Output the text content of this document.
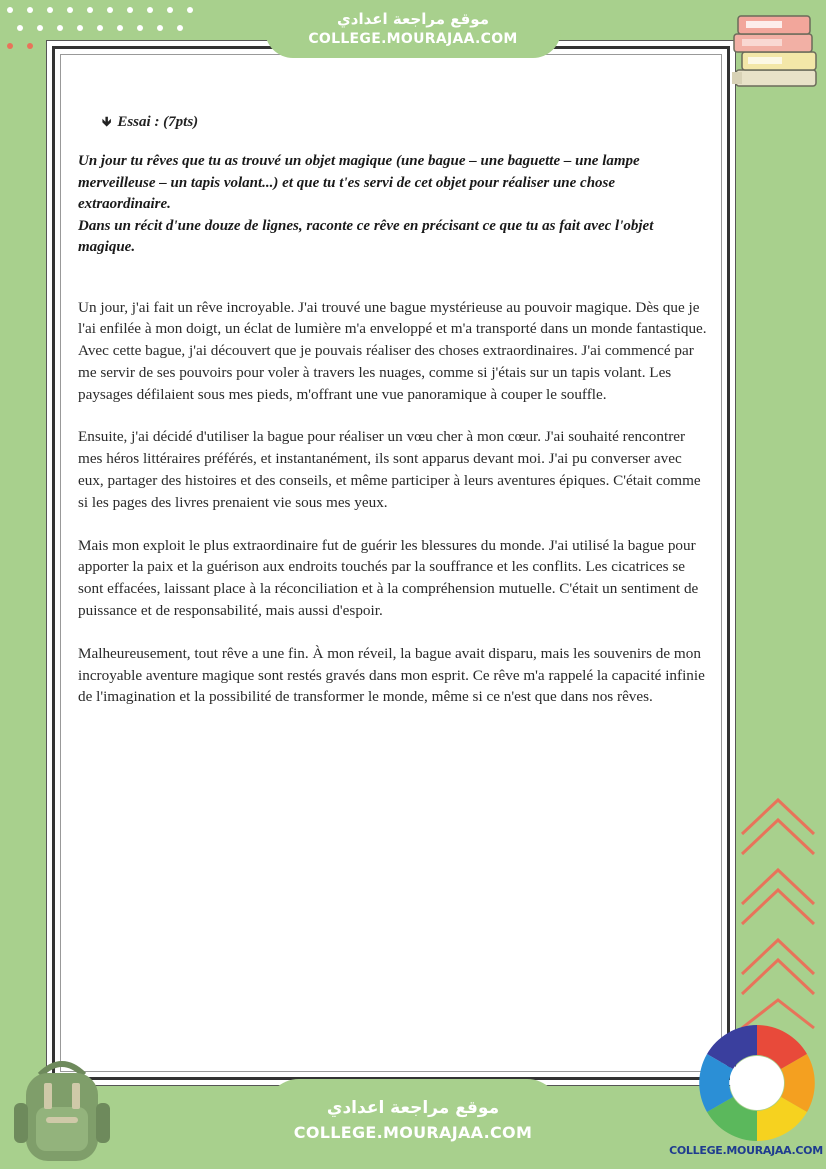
موقع مراجعة اعدادي
COLLEGE.MOURAJAA.COM
🡻 Essai : (7pts)
Un jour tu rêves que tu as trouvé un objet magique (une bague – une baguette – une lampe merveilleuse – un tapis volant...) et que tu t'es servi de cet objet pour réaliser une chose extraordinaire.
Dans un récit d'une douze de lignes, raconte ce rêve en précisant ce que tu as fait avec l'objet magique.

Un jour, j'ai fait un rêve incroyable. J'ai trouvé une bague mystérieuse au pouvoir magique. Dès que je l'ai enfilée à mon doigt, un éclat de lumière m'a enveloppé et m'a transporté dans un monde fantastique. Avec cette bague, j'ai découvert que je pouvais réaliser des choses extraordinaires. J'ai commencé par me servir de ses pouvoirs pour voler à travers les nuages, comme si j'étais sur un tapis volant. Les paysages défilaient sous mes pieds, m'offrant une vue panoramique à couper le souffle.

Ensuite, j'ai décidé d'utiliser la bague pour réaliser un vœu cher à mon cœur. J'ai souhaité rencontrer mes héros littéraires préférés, et instantanément, ils sont apparus devant moi. J'ai pu converser avec eux, partager des histoires et des conseils, et même participer à leurs aventures épiques. C'était comme si les pages des livres prenaient vie sous mes yeux.

Mais mon exploit le plus extraordinaire fut de guérir les blessures du monde. J'ai utilisé la bague pour apporter la paix et la guérison aux endroits touchés par la souffrance et les conflits. Les cicatrices se sont effacées, laissant place à la réconciliation et à la compréhension mutuelle. C'était un sentiment de puissance et de responsabilité, mais aussi d'espoir.

Malheureusement, tout rêve a une fin. À mon réveil, la bague avait disparu, mais les souvenirs de mon incroyable aventure magique sont restés gravés dans mon esprit. Ce rêve m'a rappelé la capacité infinie de l'imagination et la possibilité de transformer le monde, même si ce n'est que dans nos rêves.

موقع مراجعة اعدادي
COLLEGE.MOURAJAA.COM
COLLEGE.MOURAJAA.COM
